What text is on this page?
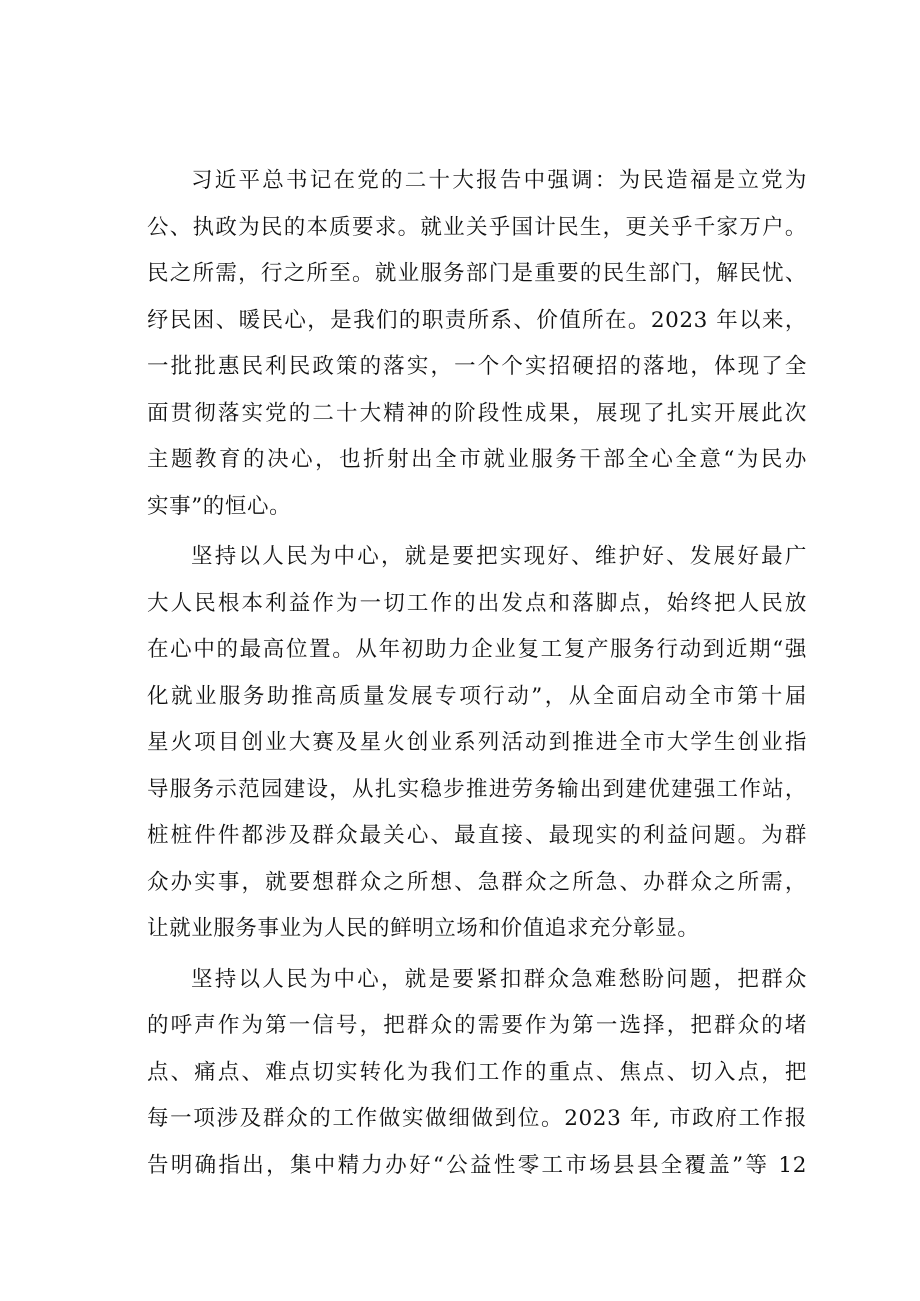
习近平总书记在党的二十大报告中强调：为民造福是立党为
公、执政为民的本质要求。就业关乎国计民生，更关乎千家万户。
民之所需，行之所至。就业服务部门是重要的民生部门，解民忧、
纾民困、暖民心，是我们的职责所系、价值所在。2023 年以来，
一批批惠民利民政策的落实，一个个实招硬招的落地，体现了全
面贯彻落实党的二十大精神的阶段性成果，展现了扎实开展此次
主题教育的决心，也折射出全市就业服务干部全心全意“为民办
实事”的恒心。
坚持以人民为中心，就是要把实现好、维护好、发展好最广
大人民根本利益作为一切工作的出发点和落脚点，始终把人民放
在心中的最高位置。从年初助力企业复工复产服务行动到近期“强
化就业服务助推高质量发展专项行动”，从全面启动全市第十届
星火项目创业大赛及星火创业系列活动到推进全市大学生创业指
导服务示范园建设，从扎实稳步推进劳务输出到建优建强工作站，
桩桩件件都涉及群众最关心、最直接、最现实的利益问题。为群
众办实事，就要想群众之所想、急群众之所急、办群众之所需，
让就业服务事业为人民的鲜明立场和价值追求充分彰显。
坚持以人民为中心，就是要紧扣群众急难愁盼问题，把群众
的呼声作为第一信号，把群众的需要作为第一选择，把群众的堵
点、痛点、难点切实转化为我们工作的重点、焦点、切入点，把
每一项涉及群众的工作做实做细做到位。2023 年, 市政府工作报
告明确指出，集中精力办好“公益性零工市场县县全覆盖”等 12
